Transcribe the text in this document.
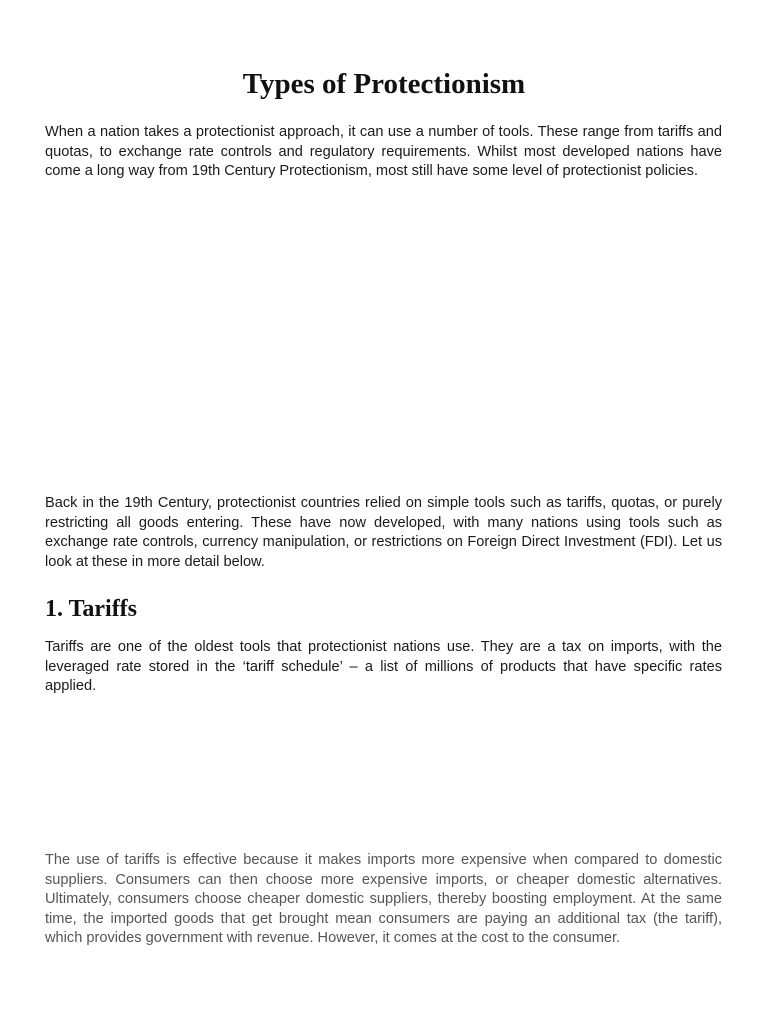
Types of Protectionism

When a nation takes a protectionist approach, it can use a number of tools. These range from tariffs and quotas, to exchange rate controls and regulatory requirements. Whilst most developed nations have come a long way from 19th Century Protectionism, most still have some level of protectionist policies.

Back in the 19th Century, protectionist countries relied on simple tools such as tariffs, quotas, or purely restricting all goods entering. These have now developed, with many nations using tools such as exchange rate controls, currency manipulation, or restrictions on Foreign Direct Investment (FDI). Let us look at these in more detail below.

1. Tariffs

Tariffs are one of the oldest tools that protectionist nations use. They are a tax on imports, with the leveraged rate stored in the ‘tariff schedule’ – a list of millions of products that have specific rates applied.

The use of tariffs is effective because it makes imports more expensive when compared to domestic suppliers. Consumers can then choose more expensive imports, or cheaper domestic alternatives. Ultimately, consumers choose cheaper domestic suppliers, thereby boosting employment. At the same time, the imported goods that get brought mean consumers are paying an additional tax (the tariff), which provides government with revenue. However, it comes at the cost to the consumer.
